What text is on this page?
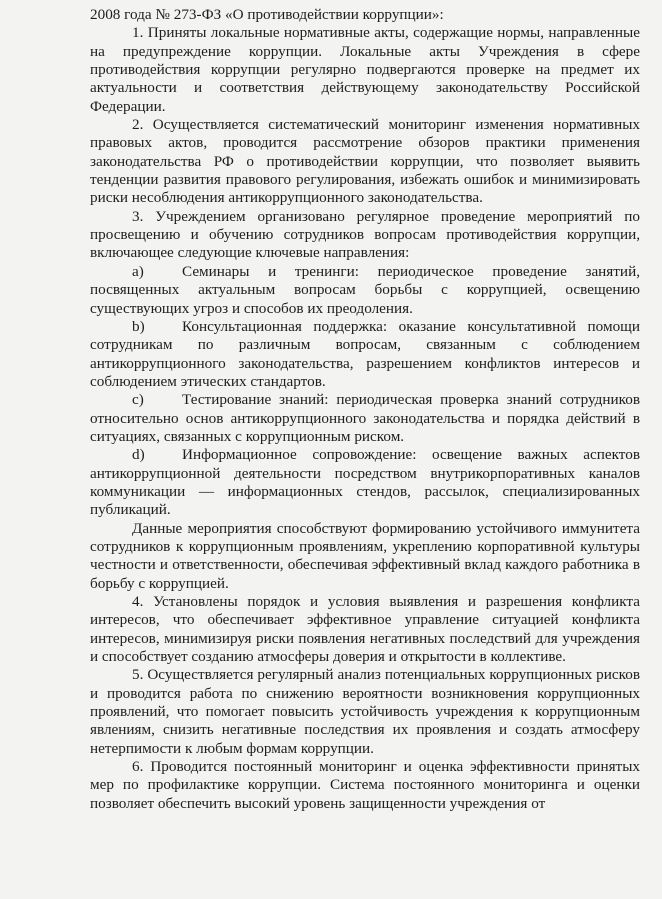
2008 года № 273-ФЗ «О противодействии коррупции»:

1. Приняты локальные нормативные акты, содержащие нормы, направленные на предупреждение коррупции. Локальные акты Учреждения в сфере противодействия коррупции регулярно подвергаются проверке на предмет их актуальности и соответствия действующему законодательству Российской Федерации.

2. Осуществляется систематический мониторинг изменения нормативных правовых актов, проводится рассмотрение обзоров практики применения законодательства РФ о противодействии коррупции, что позволяет выявить тенденции развития правового регулирования, избежать ошибок и минимизировать риски несоблюдения антикоррупционного законодательства.

3. Учреждением организовано регулярное проведение мероприятий по просвещению и обучению сотрудников вопросам противодействия коррупции, включающее следующие ключевые направления:

a)	Семинары и тренинги: периодическое проведение занятий, посвященных актуальным вопросам борьбы с коррупцией, освещению существующих угроз и способов их преодоления.

b) Консультационная поддержка: оказание консультативной помощи сотрудникам по различным вопросам, связанным с соблюдением антикоррупционного законодательства, разрешением конфликтов интересов и соблюдением этических стандартов.

c)	Тестирование знаний: периодическая проверка знаний сотрудников относительно основ антикоррупционного законодательства и порядка действий в ситуациях, связанных с коррупционным риском.

d) Информационное сопровождение: освещение важных аспектов антикоррупционной деятельности посредством внутрикорпоративных каналов коммуникации — информационных стендов, рассылок, специализированных публикаций.

Данные мероприятия способствуют формированию устойчивого иммунитета сотрудников к коррупционным проявлениям, укреплению корпоративной культуры честности и ответственности, обеспечивая эффективный вклад каждого работника в борьбу с коррупцией.

4. Установлены порядок и условия выявления и разрешения конфликта интересов, что обеспечивает эффективное управление ситуацией конфликта интересов, минимизируя риски появления негативных последствий для учреждения и способствует созданию атмосферы доверия и открытости в коллективе.

5. Осуществляется регулярный анализ потенциальных коррупционных рисков и проводится работа по снижению вероятности возникновения коррупционных проявлений, что помогает повысить устойчивость учреждения к коррупционным явлениям, снизить негативные последствия их проявления и создать атмосферу нетерпимости к любым формам коррупции.

6. Проводится постоянный мониторинг и оценка эффективности принятых мер по профилактике коррупции. Система постоянного мониторинга и оценки позволяет обеспечить высокий уровень защищенности учреждения от
